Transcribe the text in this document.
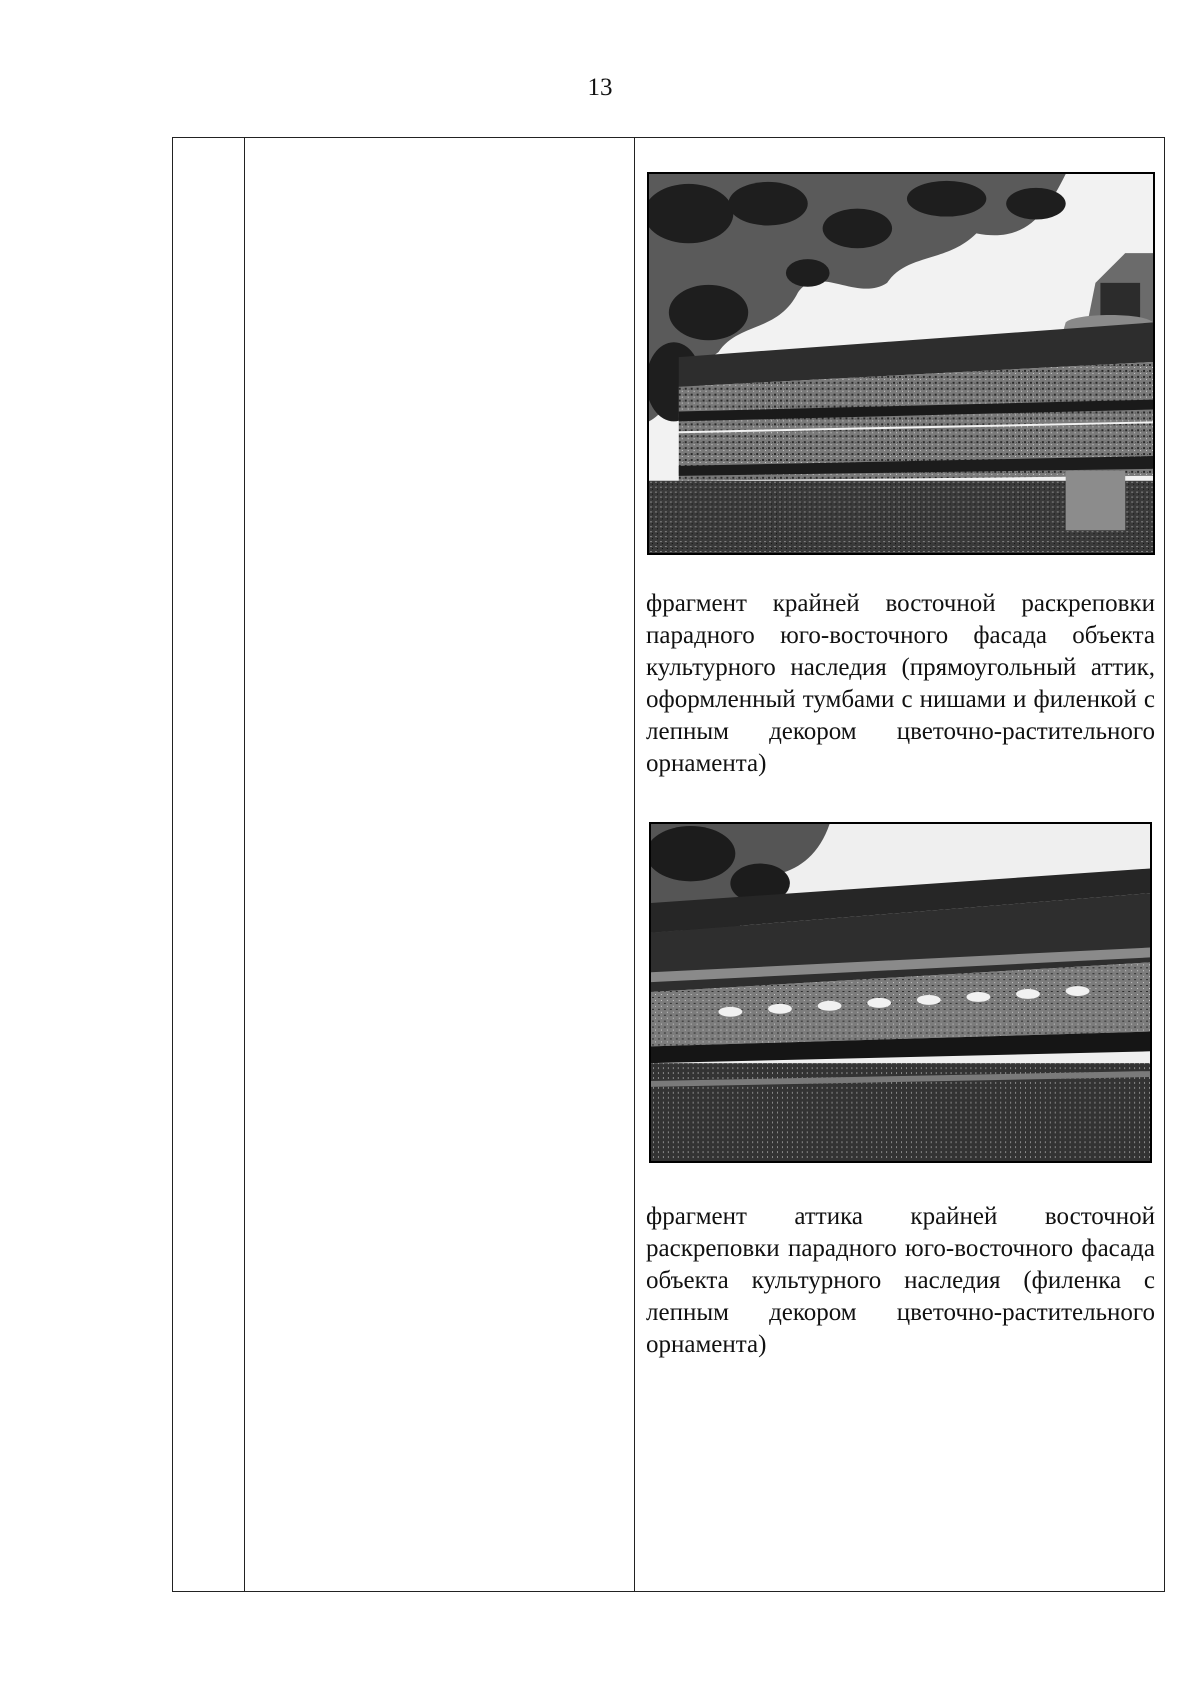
13
фрагмент крайней восточной раскреповки парадного юго-восточного фасада объекта культурного наследия (прямоугольный аттик, оформленный тумбами с нишами и филенкой с лепным декором цветочно-растительного орнамента)
фрагмент аттика крайней восточной раскреповки парадного юго-восточного фасада объекта культурного наследия (филенка с лепным декором цветочно-растительного орнамента)
